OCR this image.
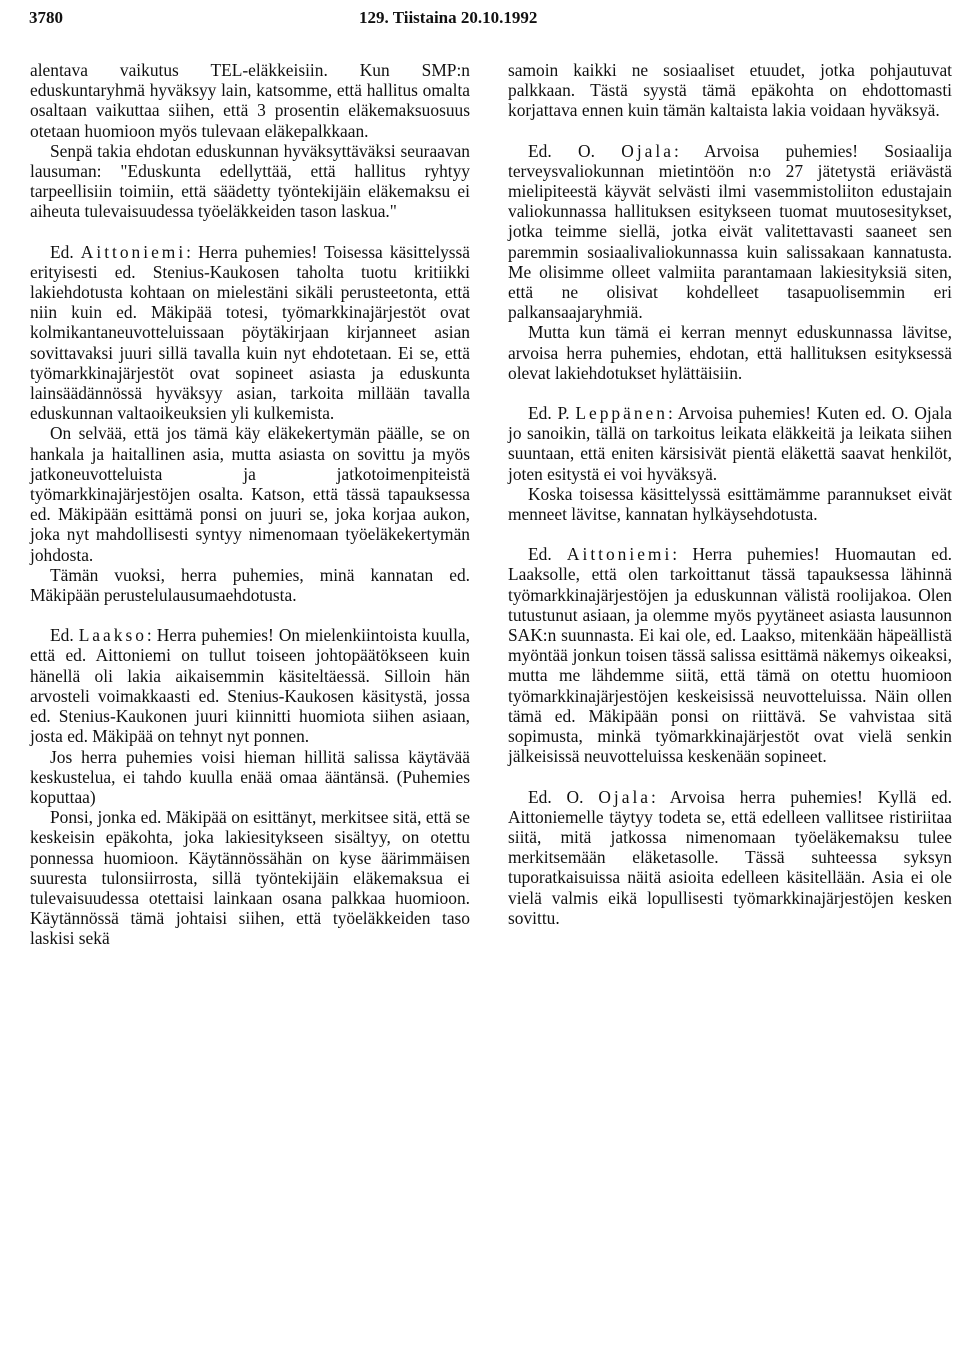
3780	129. Tiistaina 20.10.1992

alentava vaikutus TEL-eläkkeisiin. Kun SMP:n eduskuntaryhmä hyväksyy lain, katsomme, että hallitus omalta osaltaan vaikuttaa siihen, että 3 prosentin eläkemaksuosuus otetaan huomioon myös tulevaan eläkepalkkaan.

Senpä takia ehdotan eduskunnan hyväksyttäväksi seuraavan lausuman: "Eduskunta edellyttää, että hallitus ryhtyy tarpeellisiin toimiin, että säädetty työntekijäin eläkemaksu ei aiheuta tulevaisuudessa työeläkkeiden tason laskua."

Ed. Aittoniemi: Herra puhemies! Toisessa käsittelyssä erityisesti ed. Stenius-Kaukosen taholta tuotu kritiikki lakiehdotusta kohtaan on mielestäni sikäli perusteetonta, että niin kuin ed. Mäkipää totesi, työmarkkinajärjestöt ovat kolmikantaneuvotteluissaan pöytäkirjaan kirjanneet asian sovittavaksi juuri sillä tavalla kuin nyt ehdotetaan. Ei se, että työmarkkinajärjestöt ovat sopineet asiasta ja eduskunta lainsäädännössä hyväksyy asian, tarkoita millään tavalla eduskunnan valtaoikeuksien yli kulkemista.

On selvää, että jos tämä käy eläkekertymän päälle, se on hankala ja haitallinen asia, mutta asiasta on sovittu ja myös jatkoneuvotteluista ja jatkotoimenpiteistä työmarkkinajärjestöjen osalta. Katson, että tässä tapauksessa ed. Mäkipään esittämä ponsi on juuri se, joka korjaa aukon, joka nyt mahdollisesti syntyy nimenomaan työeläkekertymän johdosta.

Tämän vuoksi, herra puhemies, minä kannatan ed. Mäkipään perustelulausumaehdotusta.

Ed. Laakso: Herra puhemies! On mielenkiintoista kuulla, että ed. Aittoniemi on tullut toiseen johtopäätökseen kuin hänellä oli lakia aikaisemmin käsiteltäessä. Silloin hän arvosteli voimakkaasti ed. Stenius-Kaukosen käsitystä, jossa ed. Stenius-Kaukonen juuri kiinnitti huomiota siihen asiaan, josta ed. Mäkipää on tehnyt nyt ponnen.

Jos herra puhemies voisi hieman hillitä salissa käytävää keskustelua, ei tahdo kuulla enää omaa ääntänsä. (Puhemies koputtaa)

Ponsi, jonka ed. Mäkipää on esittänyt, merkitsee sitä, että se keskeisin epäkohta, joka lakiesitykseen sisältyy, on otettu ponnessa huomioon. Käytännössähän on kyse äärimmäisen suuresta tulonsiirrosta, sillä työntekijäin eläkemaksua ei tulevaisuudessa otettaisi lainkaan osana palkkaa huomioon. Käytännössä tämä johtaisi siihen, että työeläkkeiden taso laskisi sekä

samoin kaikki ne sosiaaliset etuudet, jotka pohjautuvat palkkaan. Tästä syystä tämä epäkohta on ehdottomasti korjattava ennen kuin tämän kaltaista lakia voidaan hyväksyä.

Ed. O. Ojala: Arvoisa puhemies! Sosiaalija terveysvaliokunnan mietintöön n:o 27 jätetystä eriävästä mielipiteestä käyvät selvästi ilmi vasemmistoliiton edustajain valiokunnassa hallituksen esitykseen tuomat muutosesitykset, jotka teimme siellä, jotka eivät valitettavasti saaneet sen paremmin sosiaalivaliokunnassa kuin salissakaan kannatusta. Me olisimme olleet valmiita parantamaan lakiesityksiä siten, että ne olisivat kohdelleet tasapuolisemmin eri palkansaajaryhmiä.

Mutta kun tämä ei kerran mennyt eduskunnassa lävitse, arvoisa herra puhemies, ehdotan, että hallituksen esityksessä olevat lakiehdotukset hylättäisiin.

Ed. P. Leppänen: Arvoisa puhemies! Kuten ed. O. Ojala jo sanoikin, tällä on tarkoitus leikata eläkkeitä ja leikata siihen suuntaan, että eniten kärsisivät pientä eläkettä saavat henkilöt, joten esitystä ei voi hyväksyä.

Koska toisessa käsittelyssä esittämämme parannukset eivät menneet lävitse, kannatan hylkäysehdotusta.

Ed. Aittoniemi: Herra puhemies! Huomautan ed. Laaksolle, että olen tarkoittanut tässä tapauksessa lähinnä työmarkkinajärjestöjen ja eduskunnan välistä roolijakoa. Olen tutustunut asiaan, ja olemme myös pyytäneet asiasta lausunnon SAK:n suunnasta. Ei kai ole, ed. Laakso, mitenkään häpeällistä myöntää jonkun toisen tässä salissa esittämä näkemys oikeaksi, mutta me lähdemme siitä, että tämä on otettu huomioon työmarkkinajärjestöjen keskeisissä neuvotteluissa. Näin ollen tämä ed. Mäkipään ponsi on riittävä. Se vahvistaa sitä sopimusta, minkä työmarkkinajärjestöt ovat vielä senkin jälkeisissä neuvotteluissa keskenään sopineet.

Ed. O. Ojala: Arvoisa herra puhemies! Kyllä ed. Aittoniemelle täytyy todeta se, että edelleen vallitsee ristiriitaa siitä, mitä jatkossa nimenomaan työeläkemaksu tulee merkitsemään eläketasolle. Tässä suhteessa syksyn tuporatkaisuissa näitä asioita edelleen käsitellään. Asia ei ole vielä valmis eikä lopullisesti työmarkkinajärjestöjen kesken sovittu.
